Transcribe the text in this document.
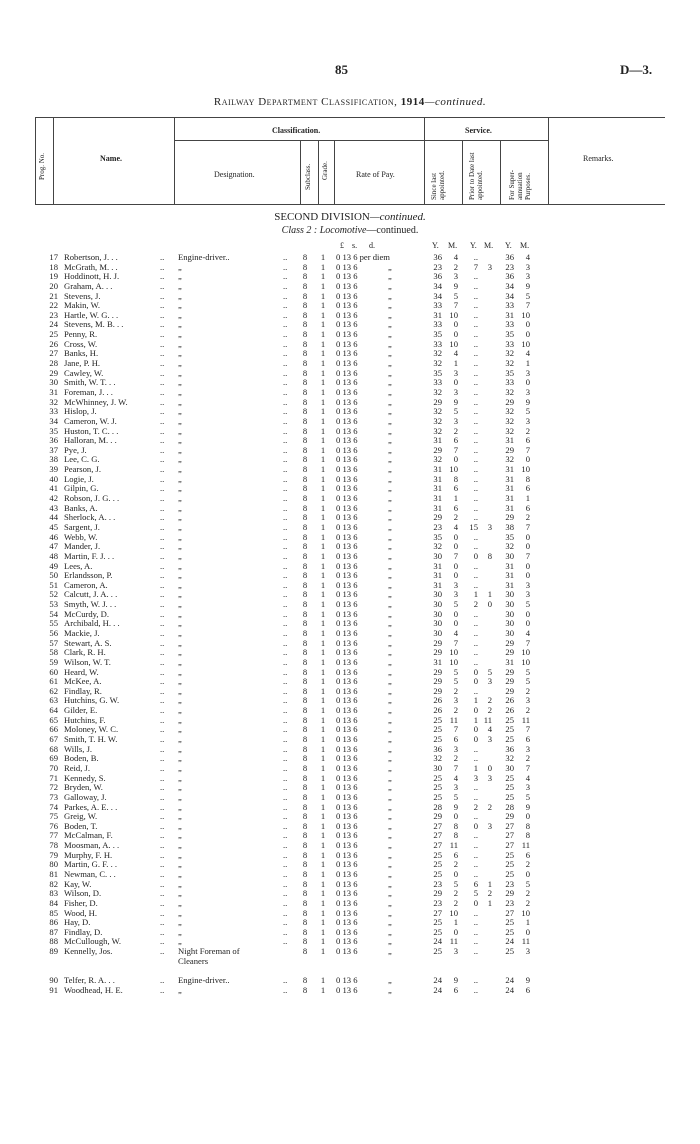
85	D—3.
Railway Department Classification, 1914—continued.
Prog. No.	Name.
Classification.
Designation.	Subclass. Grade.	Rate of Pay.
Service.
Since last appointed.	Prior to Date last appointed.	For Super- annuation Purposes.
Remarks.
SECOND DIVISION—continued.
Class 2 : Locomotive—continued.
£ s. d.	Y. M. Y. M. Y. M.
17 Robertson, J. . .	.. Engine-driver..	..	8	1	0 13 6 per diem	36	4	..	36	4
18 McGrath, M. . .	.. „	..	8	1	0 13 6	„	23	2	7	3	23	3
19 Hoddinott, H. J.	.. „	..	8	1	0 13 6	„	36	3	..	36	3
20 Graham, A. . .	.. „	..	8	1	0 13 6	„	34	9	..	34	9
21 Stevens, J.	.. „	..	8	1	0 13 6	„	34	5	..	34	5
22 Makin, W.	.. „	..	8	1	0 13 6	„	33	7	..	33	7
23 Hartle, W. G. . .	.. „	..	8	1	0 13 6	„	31 10	..	31 10
24 Stevens, M. B. . .	.. „	..	8	1	0 13 6	„	33	0	..	33	0
25 Penny, R.	.. „	..	8	1	0 13 6	„	35	0	..	35	0
26 Cross, W.	.. „	..	8	1	0 13 6	„	33 10	..	33 10
27 Banks, H.	.. „	..	8	1	0 13 6	„	32	4	..	32	4
28 Jane, P. H.	.. „	..	8	1	0 13 6	„	32	1	..	32	1
29 Cawley, W.	.. „	..	8	1	0 13 6	„	35	3	..	35	3
30 Smith, W. T. . .	.. „	..	8	1	0 13 6	„	33	0	..	33	0
31 Foreman, J. . .	.. „	..	8	1	0 13 6	„	32	3	..	32	3
32 McWhinney, J. W.	.. „	..	8	1	0 13 6	„	29	9	..	29	9
33 Hislop, J.	.. „	..	8	1	0 13 6	„	32	5	..	32	5
34 Cameron, W. J.	.. „	..	8	1	0 13 6	„	32	3	..	32	3
35 Huston, T. C. . .	.. „	..	8	1	0 13 6	„	32	2	..	32	2
36 Halloran, M. . .	.. „	..	8	1	0 13 6	„	31	6	..	31	6
37 Pye, J.	.. „	..	8	1	0 13 6	„	29	7	..	29	7
38 Lee, C. G.	.. „	..	8	1	0 13 6	„	32	0	..	32	0
39 Pearson, J.	.. „	..	8	1	0 13 6	„	31 10	..	31 10
40 Logie, J.	.. „	..	8	1	0 13 6	„	31	8	..	31	8
41 Gilpin, G.	.. „	..	8	1	0 13 6	„	31	6	..	31	6
42 Robson, J. G. . .	.. „	..	8	1	0 13 6	„	31	1	..	31	1
43 Banks, A.	.. „	..	8	1	0 13 6	„	31	6	..	31	6
44 Sherlock, A. . .	.. „	..	8	1	0 13 6	„	29	2	..	29	2
45 Sargent, J.	.. „	..	8	1	0 13 6	„	23	4	15	3	38	7
46 Webb, W.	.. „	..	8	1	0 13 6	„	35	0	..	35	0
47 Mander, J.	.. „	..	8	1	0 13 6	„	32	0	..	32	0
48 Martin, F. J. . .	.. „	..	8	1	0 13 6	„	30	7	0	8	30	7
49 Lees, A.	.. „	..	8	1	0 13 6	„	31	0	..	31	0
50 Erlandsson, P.	.. „	..	8	1	0 13 6	„	31	0	..	31	0
51 Cameron, A.	.. „	..	8	1	0 13 6	„	31	3	..	31	3
52 Calcutt, J. A. . .	.. „	..	8	1	0 13 6	„	30	3	1	1	30	3
53 Smyth, W. J. . .	.. „	..	8	1	0 13 6	„	30	5	2	0	30	5
54 McCurdy, D.	.. „	..	8	1	0 13 6	„	30	0	..	30	0
55 Archibald, H. . .	.. „	..	8	1	0 13 6	„	30	0	..	30	0
56 Mackie, J.	.. „	..	8	1	0 13 6	„	30	4	..	30	4
57 Stewart, A. S.	.. „	..	8	1	0 13 6	„	29	7	..	29	7
58 Clark, R. H.	.. „	..	8	1	0 13 6	„	29 10	..	29 10
59 Wilson, W. T.	.. „	..	8	1	0 13 6	„	31 10	..	31 10
60 Heard, W.	.. „	..	8	1	0 13 6	„	29	5	0	5	29	5
61 McKee, A.	.. „	..	8	1	0 13 6	„	29	5	0	3	29	5
62 Findlay, R.	.. „	..	8	1	0 13 6	„	29	2	..	29	2
63 Hutchins, G. W.	.. „	..	8	1	0 13 6	„	26	3	1	2	26	3
64 Gilder, E.	.. „	..	8	1	0 13 6	„	26	2	0	2	26	2
65 Hutchins, F.	.. „	..	8	1	0 13 6	„	25 11	1 11	25 11
66 Moloney, W. C.	.. „	..	8	1	0 13 6	„	25	7	0	4	25	7
67 Smith, T. H. W.	.. „	..	8	1	0 13 6	„	25	6	0	3	25	6
68 Wills, J.	.. „	..	8	1	0 13 6	„	36	3	..	36	3
69 Boden, B.	.. „	..	8	1	0 13 6	„	32	2	..	32	2
70 Reid, J.	.. „	..	8	1	0 13 6	„	30	7	1	0	30	7
71 Kennedy, S.	.. „	..	8	1	0 13 6	„	25	4	3	3	25	4
72 Bryden, W.	.. „	..	8	1	0 13 6	„	25	3	..	25	3
73 Galloway, J.	.. „	..	8	1	0 13 6	„	25	5	..	25	5
74 Parkes, A. E. . .	.. „	..	8	1	0 13 6	„	28	9	2	2	28	9
75 Greig, W.	.. „	..	8	1	0 13 6	„	29	0	..	29	0
76 Boden, T.	.. „	..	8	1	0 13 6	„	27	8	0	3	27	8
77 McCalman, F.	.. „	..	8	1	0 13 6	„	27	8	..	27	8
78 Moosman, A. . .	.. „	..	8	1	0 13 6	„	27 11	..	27 11
79 Murphy, F. H.	.. „	..	8	1	0 13 6	„	25	6	..	25	6
80 Martin, G. F. . .	.. „	..	8	1	0 13 6	„	25	2	..	25	2
81 Newman, C. . .	.. „	..	8	1	0 13 6	„	25	0	..	25	0
82 Kay, W.	.. „	..	8	1	0 13 6	„	23	5	6	1	23	5
83 Wilson, D.	.. „	..	8	1	0 13 6	„	29	2	5	2	29	2
84 Fisher, D.	.. „	..	8	1	0 13 6	„	23	2	0	1	23	2
85 Wood, H.	.. „	..	8	1	0 13 6	„	27 10	..	27 10
86 Hay, D.	.. „	..	8	1	0 13 6	„	25	1	..	25	1
87 Findlay, D.	.. „	..	8	1	0 13 6	„	25	0	..	25	0
88 McCullough, W.	.. „	..	8	1	0 13 6	„	24 11	..	24 11
89 Kennelly, Jos.	.. Night Foreman of	8	1	0 13 6	„	25	3	..	25	3
Cleaners
90 Telfer, R. A. . .	.. Engine-driver..	..	8	1	0 13 6	„	24	9	..	24	9
91 Woodhead, H. E.	.. „	..	8	1	0 13 6	„	24	6	..	24	6
